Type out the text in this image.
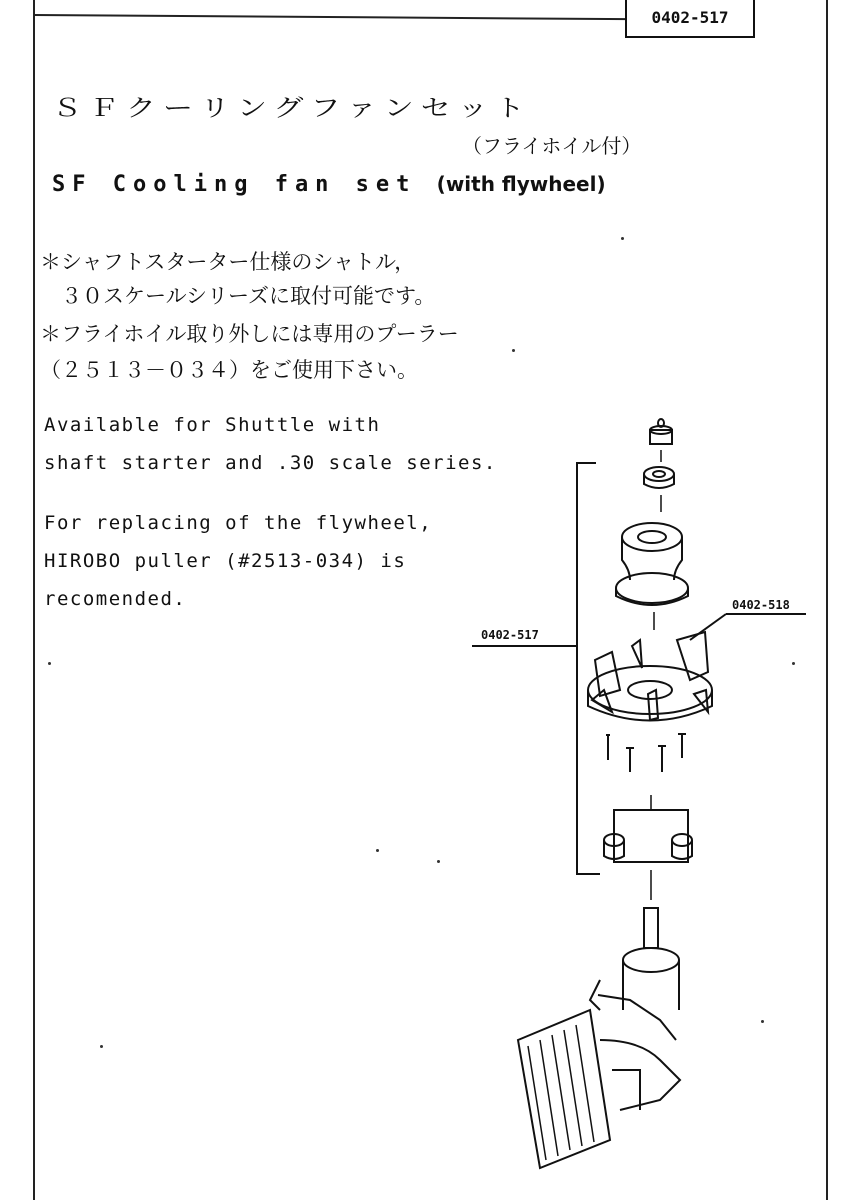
0402-517
ＳＦクーリングファンセット
（フライホイル付）
SF Cooling fan set (with flywheel)
＊シャフトスターター仕様のシャトル，
　３０スケールシリーズに取付可能です。
＊フライホイル取り外しには専用のプーラー
（２５１３－０３４）をご使用下さい。
Available for Shuttle with
shaft starter and .30 scale series.
For replacing of the flywheel,
HIROBO puller (#2513-034) is
recomended.
0402-517
0402-518
